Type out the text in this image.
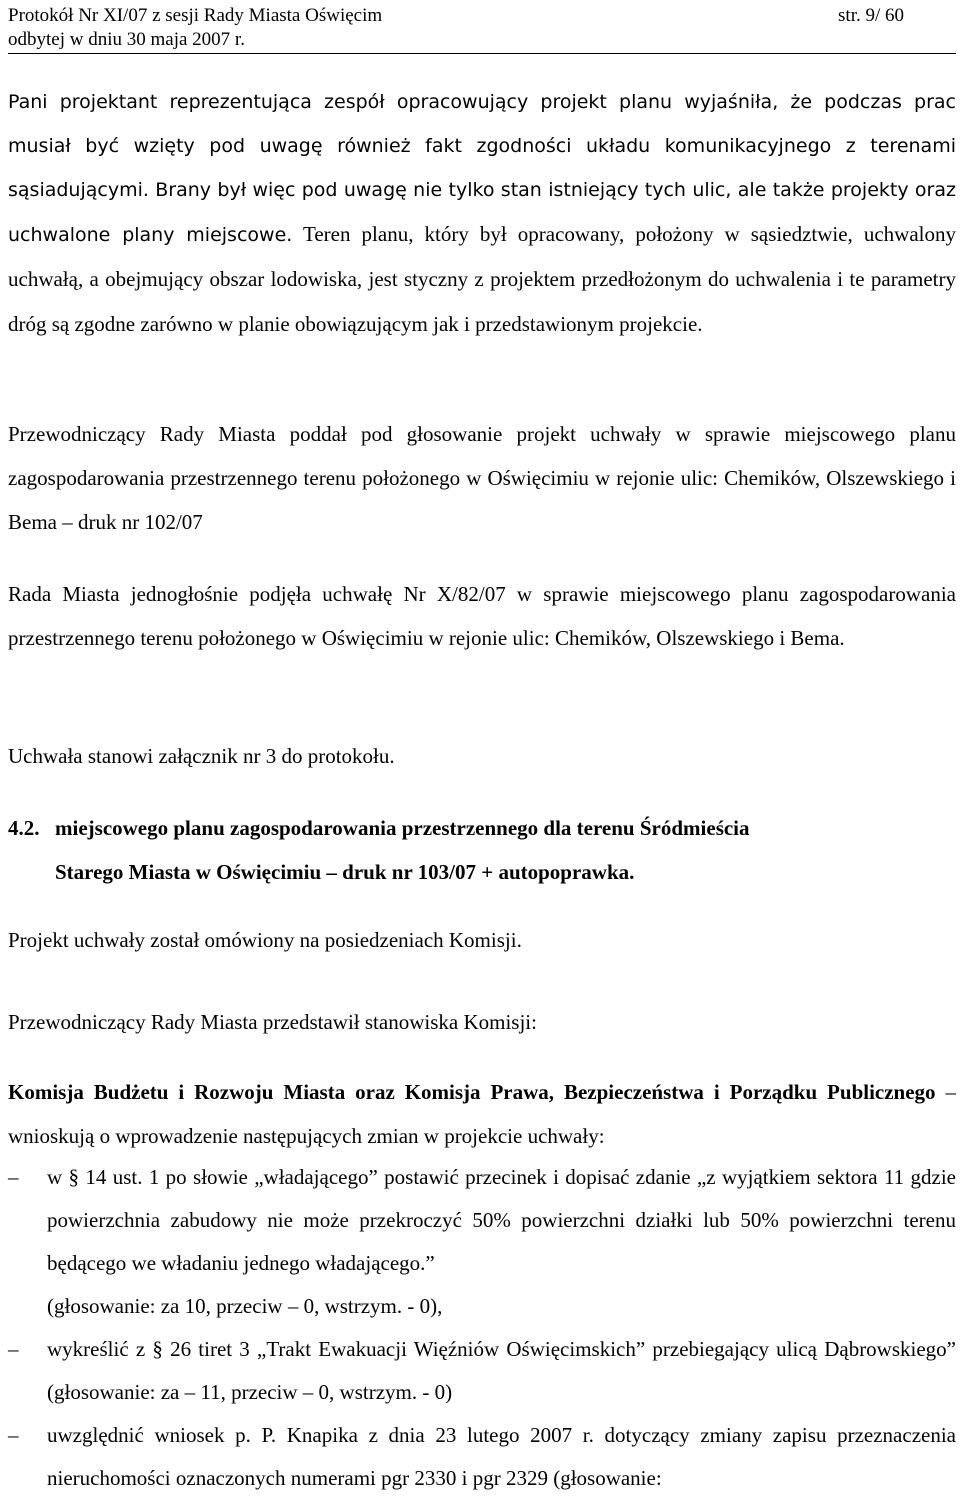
Protokół Nr XI/07 z sesji Rady Miasta Oświęcim
odbytej w dniu 30 maja 2007 r.
str. 9/ 60

Pani projektant reprezentująca zespół opracowujący projekt planu wyjaśniła, że podczas prac musiał być wzięty pod uwagę również fakt zgodności układu komunikacyjnego z terenami sąsiadującymi. Brany był więc pod uwagę nie tylko stan istniejący tych ulic, ale także projekty oraz uchwalone plany miejscowe. Teren planu, który był opracowany, położony w sąsiedztwie, uchwalony uchwałą, a obejmujący obszar lodowiska, jest styczny z projektem przedłożonym do uchwalenia i te parametry dróg są zgodne zarówno w planie obowiązującym jak i przedstawionym projekcie.

Przewodniczący Rady Miasta poddał pod głosowanie projekt uchwały w sprawie miejscowego planu zagospodarowania przestrzennego terenu położonego w Oświęcimiu w rejonie ulic: Chemików, Olszewskiego i Bema – druk nr 102/07

Rada Miasta jednogłośnie podjęła uchwałę Nr X/82/07 w sprawie miejscowego planu zagospodarowania przestrzennego terenu położonego w Oświęcimiu w rejonie ulic: Chemików, Olszewskiego i Bema.

Uchwała stanowi załącznik nr 3 do protokołu.

4.2. miejscowego planu zagospodarowania przestrzennego dla terenu Śródmieścia
Starego Miasta w Oświęcimiu – druk nr 103/07 + autopoprawka.

Projekt uchwały został omówiony na posiedzeniach Komisji.

Przewodniczący Rady Miasta przedstawił stanowiska Komisji:

Komisja Budżetu i Rozwoju Miasta oraz Komisja Prawa, Bezpieczeństwa i Porządku Publicznego – wnioskują o wprowadzenie następujących zmian w projekcie uchwały:

– w § 14 ust. 1 po słowie „władającego” postawić przecinek i dopisać zdanie „z wyjątkiem sektora 11 gdzie powierzchnia zabudowy nie może przekroczyć 50% powierzchni działki lub 50% powierzchni terenu będącego we władaniu jednego władającego.”
(głosowanie: za 10, przeciw – 0, wstrzym. - 0),
– wykreślić z § 26 tiret 3 „Trakt Ewakuacji Więźniów Oświęcimskich” przebiegający ulicą Dąbrowskiego” (głosowanie: za – 11, przeciw – 0, wstrzym. - 0)
– uwzględnić wniosek p. P. Knapika z dnia 23 lutego 2007 r. dotyczący zmiany zapisu przeznaczenia nieruchomości oznaczonych numerami pgr 2330 i pgr 2329 (głosowanie:
